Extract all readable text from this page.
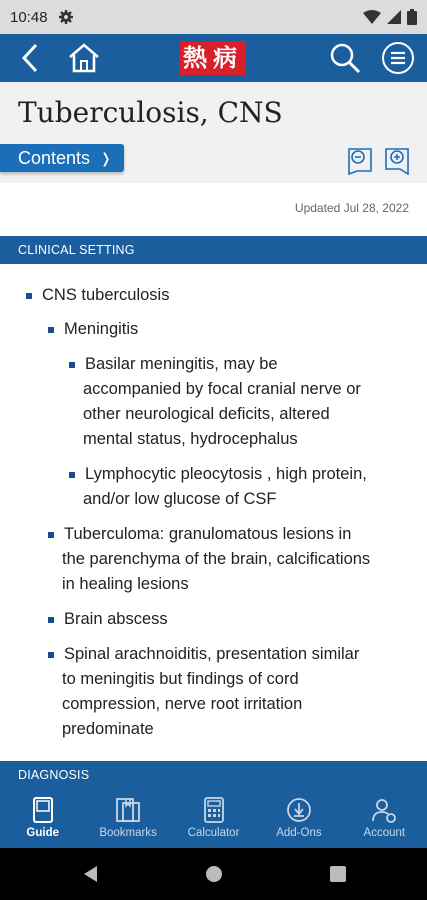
10:48
熱病
Tuberculosis, CNS
Contents ❭
Updated Jul 28, 2022
CLINICAL SETTING
CNS tuberculosis
Meningitis
Basilar meningitis, may be
accompanied by focal cranial nerve or
other neurological deficits, altered
mental status, hydrocephalus
Lymphocytic pleocytosis , high protein,
and/or low glucose of CSF
Tuberculoma: granulomatous lesions in
the parenchyma of the brain, calcifications
in healing lesions
Brain abscess
Spinal arachnoiditis, presentation similar
to meningitis but findings of cord
compression, nerve root irritation
predominate
DIAGNOSIS
Guide	Bookmarks	Calculator	Add-Ons	Account
